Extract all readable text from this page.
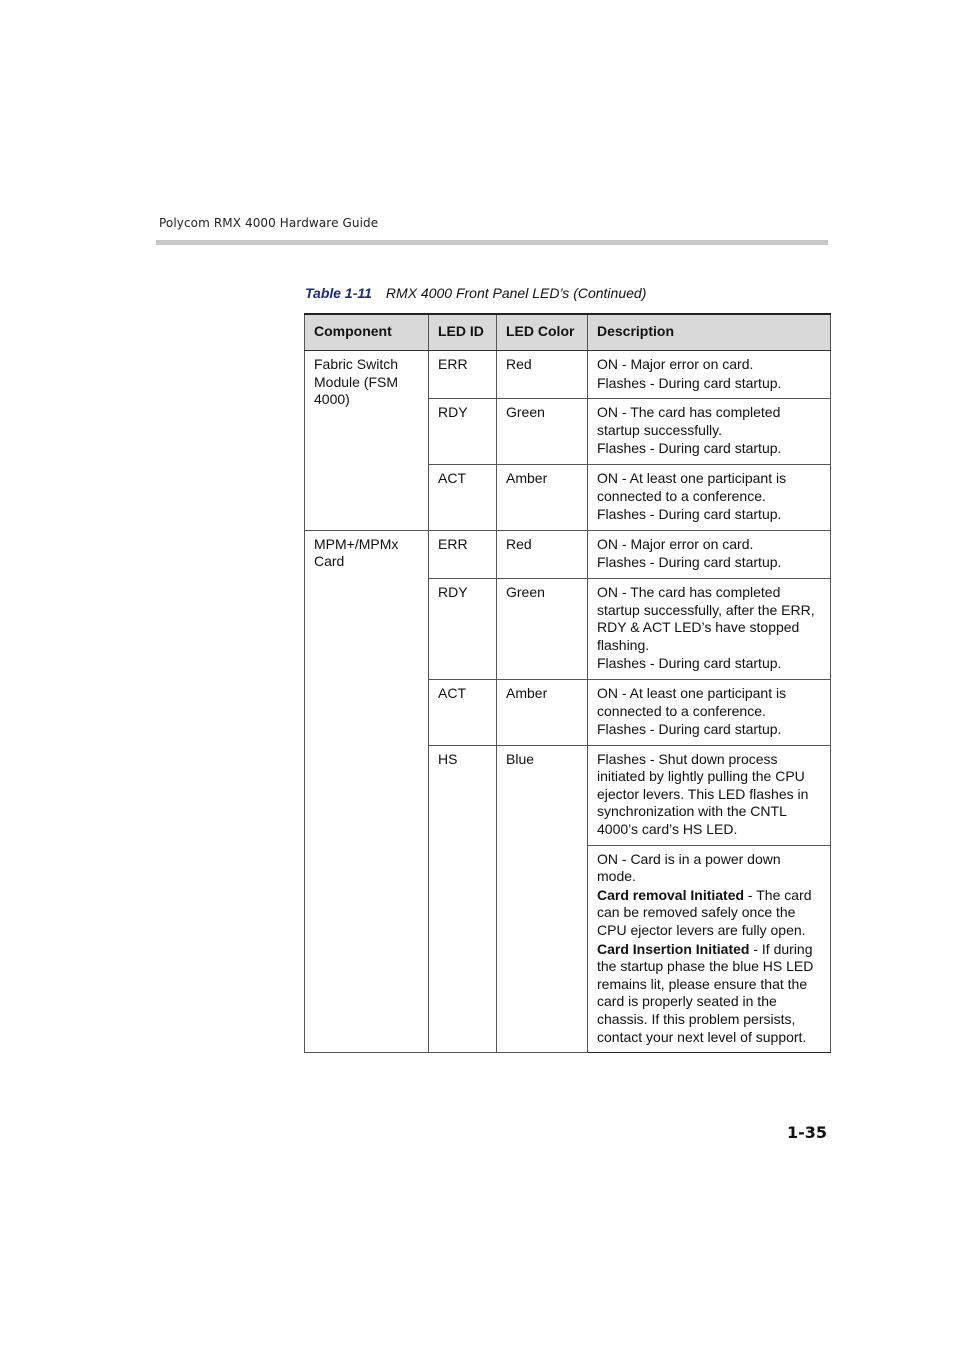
Polycom RMX 4000 Hardware Guide
Table 1-11 RMX 4000 Front Panel LED’s (Continued)
Component	LED ID	LED Color	Description
Fabric Switch Module (FSM 4000)	ERR	Red	ON - Major error on card.

Flashes - During card startup.

	RDY	Green	ON - The card has completed startup successfully.

Flashes - During card startup.

	ACT	Amber	ON - At least one participant is connected to a conference.

Flashes - During card startup.

MPM+/MPMx Card	ERR	Red	ON - Major error on card.

Flashes - During card startup.

	RDY	Green	ON - The card has completed startup successfully, after the ERR, RDY & ACT LED’s have stopped flashing.

Flashes - During card startup.

	ACT	Amber	ON - At least one participant is connected to a conference.

Flashes - During card startup.

	HS	Blue	Flashes - Shut down process initiated by lightly pulling the CPU ejector levers. This LED flashes in synchronization with the CNTL 4000’s card’s HS LED.

			ON - Card is in a power down mode.

Card removal Initiated - The card can be removed safely once the CPU ejector levers are fully open.

Card Insertion Initiated - If during the startup phase the blue HS LED remains lit, please ensure that the card is properly seated in the chassis. If this problem persists, contact your next level of support.

1-35
